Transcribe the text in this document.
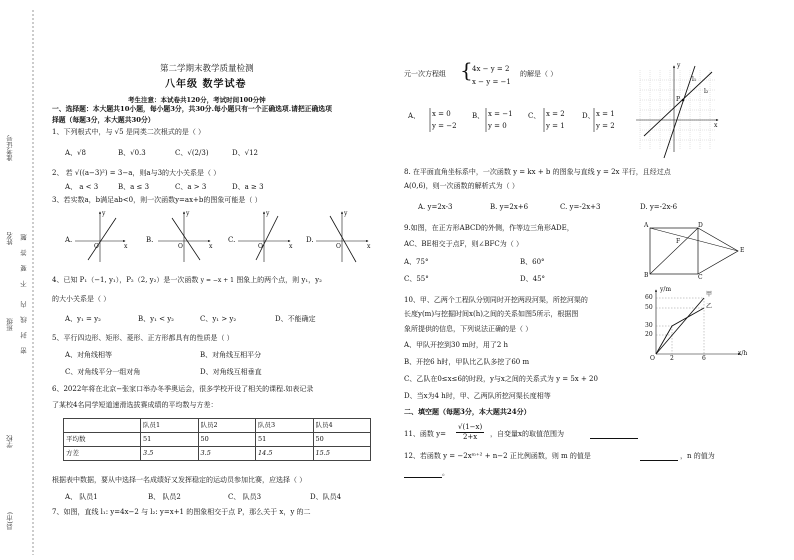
准考证号
姓名 不要答题
班级 密封线内
学校
县(市)
第二学期末教学质量检测
八年级 数学试卷
考生注意：本试卷共120分，考试时间100分钟
一、选择题：本大题共10小题，每小题3分，共30分.每小题只有一个正确选项.请把正确选项
择题（每题3分，本大题共30分）
1、下列根式中，与 √5 是同类二次根式的是（ ）
A、√8	B、√0.3	C、√(2/3)	D、√12
2、 若 √((a−3)²) = 3−a，则a与3的大小关系是（ ）
A、 a < 3	B、a ≤ 3	C、a > 3	D、a ≥ 3
3、若实数a，b满足ab<0，则一次函数y=ax+b的图象可能是（ ）
A.	B.	C.	D.
y
x
O
y
x
O
y
x
O
y
x
O
4、已知 P₁（−1, y₁），P₂（2, y₂）是一次函数 y = −x + 1 图象上的两个点，则 y₁，y₂
的大小关系是（ ）
A、y₁ = y₂	B、y₁ < y₂	C、y₁ > y₂	D、不能确定
5、平行四边形、矩形、菱形、正方形都具有的性质是（ ）
A、对角线相等	B、对角线互相平分
C、对角线平分一组对角	D、对角线互相垂直
6、2022年将在北京−张家口举办冬季奥运会，很多学校开设了相关的课程.如表记录
了某校4名同学短道速滑选拔赛成绩的平均数与方差：
	队员1	队员2	队员3	队员4
平均数	51	50	51	50
方差	3.5	3.5	14.5	15.5
根据表中数据，要从中选择一名成绩好又发挥稳定的运动员参加比赛，应选择（ ）
A、 队员1	B、 队员2	C、 队员3	D、队员4
7、如图，直线 l₁: y=4x−2 与 l₂: y=x+1 的图象相交于点 P，那么关于 x，y 的二
元一次方程组 { 4x − y = 2
x − y = −1
的解是（ ）
A、 x = 0
y = −2
B、 x = −1
y = 0
C、 x = 2
y = 1
D、 x = 1
y = 2
y
x
l₁
l₂
P
8. 在平面直角坐标系中，一次函数 y = kx + b 的图象与直线 y = 2x 平行，且经过点
A(0,6)，则一次函数的解析式为（ ）
A. y=2x-3	B. y=2x+6	C. y=-2x+3	D. y=-2x-6
9.如图，在正方形ABCD的外侧，作等边三角形ADE，
AC、BE相交于点F，则∠BFC为（ ）
A、75°	B、60°
C、55°	D、45°
A	D
E
B	C
F
10、甲、乙两个工程队分别同时开挖两段河渠，所挖河渠的
长度y(m)与挖掘时间x(h)之间的关系如图5所示，根据图
象所提供的信息，下列说法正确的是（ ）
A、甲队开挖到30 m时，用了2 h
B、开挖6 h时，甲队比乙队多挖了60 m
C、乙队在0≤x≤6的时段，y与x之间的关系式为 y = 5x + 20
D、当x为4 h时，甲、乙两队所挖河渠长度相等
y/m
x/h
甲
乙
60
50
30
20
O	2	6
二、填空题（每题3分，本大题共24分）
11、函数 $y= \frac{√(1-x)}{2+x}$ ，自变量x的取值范围为
12、若函数 y = −2xᵐ⁺² + n−2 正比例函数，则 m 的值是	，n 的值为
。
